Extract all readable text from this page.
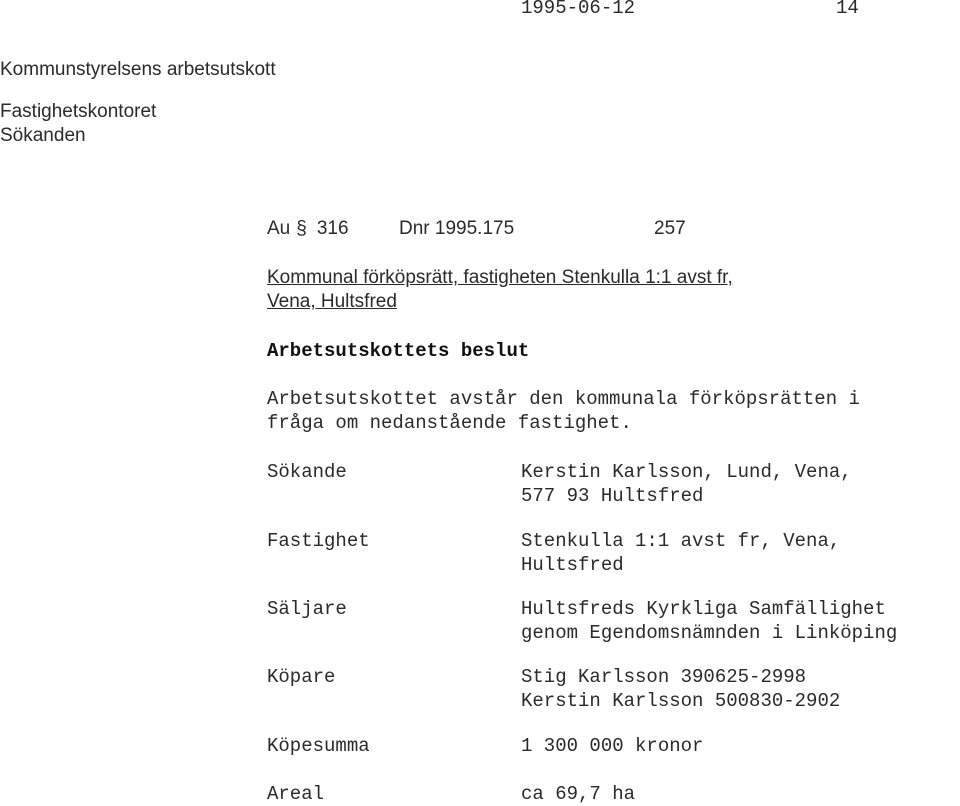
1995-06-12	14
Kommunstyrelsens arbetsutskott
Fastighetskontoret
Sökanden
Au § 316	Dnr 1995.175	257
Kommunal förköpsrätt, fastigheten Stenkulla 1:1 avst fr,
Vena, Hultsfred
Arbetsutskottets beslut
Arbetsutskottet avstår den kommunala förköpsrätten i
fråga om nedanstående fastighet.
Sökande	Kerstin Karlsson, Lund, Vena,
577 93 Hultsfred
Fastighet	Stenkulla 1:1 avst fr, Vena,
Hultsfred
Säljare	Hultsfreds Kyrkliga Samfällighet
genom Egendomsnämnden i Linköping
Köpare	Stig Karlsson 390625-2998
Kerstin Karlsson 500830-2902
Köpesumma	1 300 000 kronor
Areal	ca 69,7 ha
